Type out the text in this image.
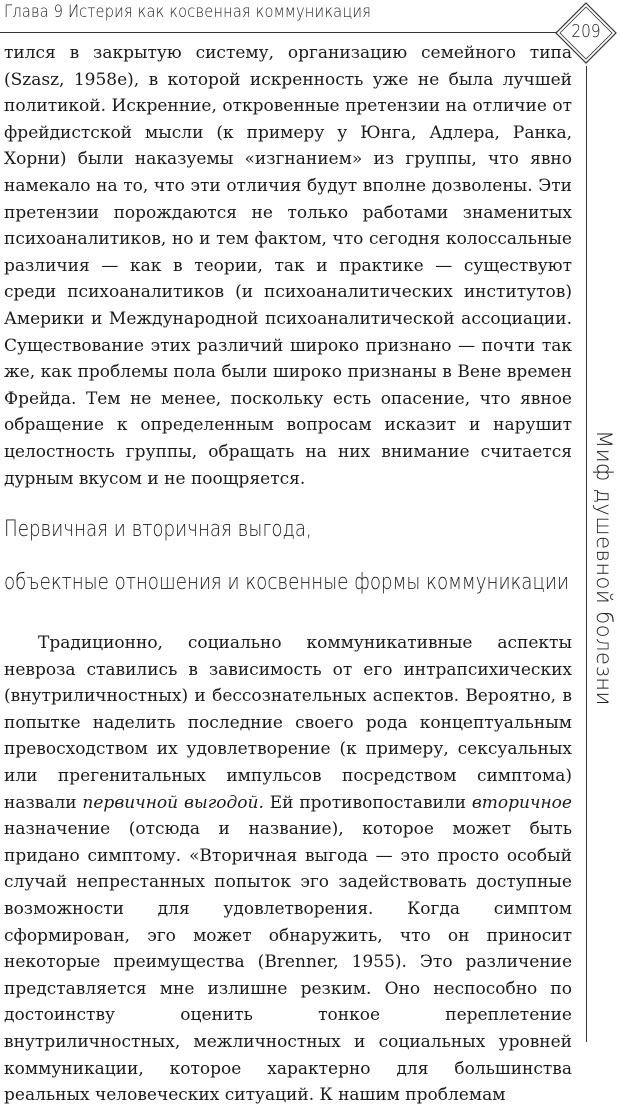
Глава 9 Истерия как косвенная коммуникация
209
Миф душевной болезни
тился в закрытую систему, организацию семейного типа (Szasz, 1958e), в которой искренность уже не была лучшей политикой. Искренние, откровенные претензии на отличие от фрейдистской мысли (к примеру у Юнга, Адлера, Ранка, Хорни) были наказуемы «изгнанием» из группы, что явно намекало на то, что эти отличия будут вполне дозволены. Эти претензии порождаются не только работами знаменитых психоаналитиков, но и тем фактом, что сегодня колоссальные различия — как в теории, так и практике — существуют среди психоаналитиков (и психоаналитических институтов) Америки и Международной психоаналитической ассоциации. Существование этих различий широко признано — почти так же, как проблемы пола были широко признаны в Вене времен Фрейда. Тем не менее, поскольку есть опасение, что явное обращение к определенным вопросам исказит и нарушит целостность группы, обращать на них внимание считается дурным вкусом и не поощряется.
Первичная и вторичная выгода,
объектные отношения и косвенные формы коммуникации
Традиционно, социально коммуникативные аспекты невроза ставились в зависимость от его интрапсихических (внутриличностных) и бессознательных аспектов. Вероятно, в попытке наделить последние своего рода концептуальным превосходством их удовлетворение (к примеру, сексуальных или прегенитальных импульсов посредством симптома) назвали первичной выгодой. Ей противопоставили вторичное назначение (отсюда и название), которое может быть придано симптому. «Вторичная выгода — это просто особый случай непрестанных попыток эго задействовать доступные возможности для удовлетворения. Когда симптом сформирован, эго может обнаружить, что он приносит некоторые преимущества (Brenner, 1955). Это различение представляется мне излишне резким. Оно неспособно по достоинству оценить тонкое переплетение внутриличностных, межличностных и социальных уровней коммуникации, которое характерно для большинства реальных человеческих ситуаций. К нашим проблемам
